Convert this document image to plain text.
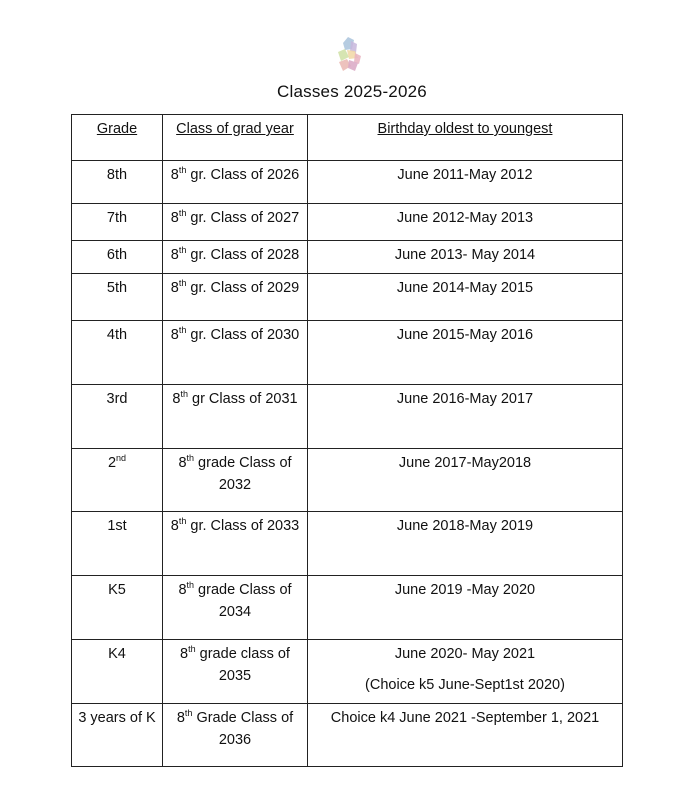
Classes 2025-2026
Grade	Class of grad year	Birthday oldest to youngest
8th	8th gr. Class of 2026	June 2011-May 2012
7th	8th gr. Class of 2027	June 2012-May 2013
6th	8th gr. Class of 2028	June 2013- May 2014
5th	8th gr. Class of 2029	June 2014-May 2015
4th	8th gr. Class of 2030	June 2015-May 2016
3rd	8th gr Class of 2031	June 2016-May 2017
2nd	8th grade Class of 2032	June 2017-May2018
1st	8th gr. Class of 2033	June 2018-May 2019
K5	8th grade Class of 2034	June 2019 -May 2020
K4	8th grade class of 2035	June 2020- May 2021
(Choice k5 June-Sept1st 2020)

3 years of K	8th Grade Class of 2036	Choice k4 June 2021 -September 1, 2021
